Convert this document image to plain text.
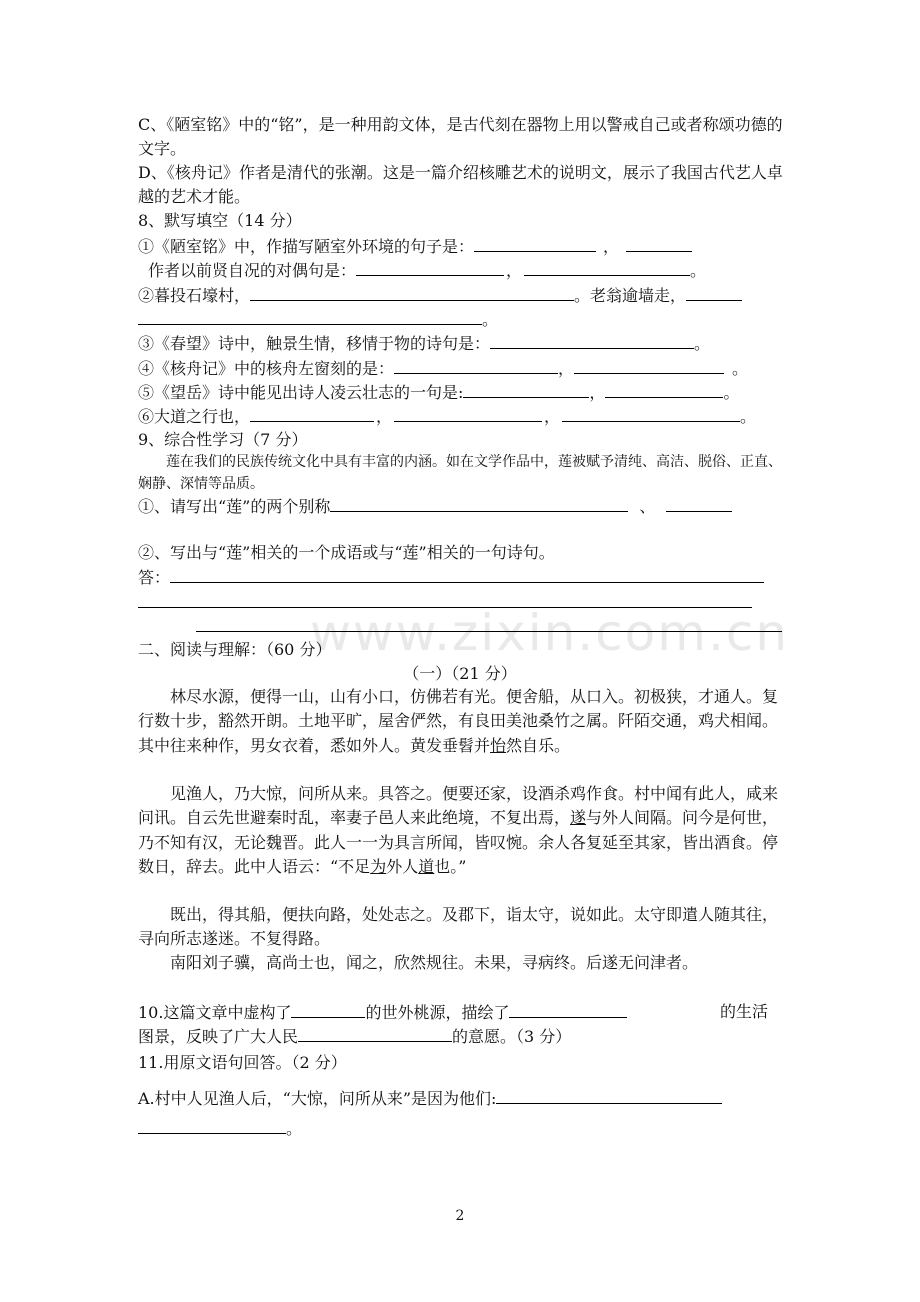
www.zixin.com.cn
C、《陋室铭》中的“铭”，是一种用韵文体，是古代刻在器物上用以警戒自己或者称颂功德的文字。
D、《核舟记》作者是清代的张潮。这是一篇介绍核雕艺术的说明文，展示了我国古代艺人卓越的艺术才能。
8、默写填空（14 分）
①《陋室铭》中，作描写陋室外环境的句子是：	，
作者以前贤自况的对偶句是：	，	。
②暮投石壕村，	。老翁逾墙走，
。
③《春望》诗中，触景生情，移情于物的诗句是：	。
④《核舟记》中的核舟左窗刻的是：	，	。
⑤《望岳》诗中能见出诗人凌云壮志的一句是:	，	。
⑥大道之行也，	，	，	。
9、综合性学习（7 分）
莲在我们的民族传统文化中具有丰富的内涵。如在文学作品中，莲被赋予清纯、高洁、脱俗、正直、娴静、深情等品质。
①、请写出“莲”的两个别称	、
②、写出与“莲”相关的一个成语或与“莲”相关的一句诗句。
答：
二、阅读与理解：（60 分）
（一）（21 分）
林尽水源，便得一山，山有小口，仿佛若有光。便舍船，从口入。初极狭，才通人。复行数十步，豁然开朗。土地平旷，屋舍俨然，有良田美池桑竹之属。阡陌交通，鸡犬相闻。其中往来种作，男女衣着，悉如外人。黄发垂髫并怡然自乐。
见渔人，乃大惊，问所从来。具答之。便要还家，设酒杀鸡作食。村中闻有此人，咸来问讯。自云先世避秦时乱，率妻子邑人来此绝境，不复出焉，遂与外人间隔。问今是何世，乃不知有汉，无论魏晋。此人一一为具言所闻，皆叹惋。余人各复延至其家，皆出酒食。停数日，辞去。此中人语云：“不足为外人道也。”
既出，得其船，便扶向路，处处志之。及郡下，诣太守，说如此。太守即遣人随其往，寻向所志遂迷。不复得路。
南阳刘子骥，高尚士也，闻之，欣然规往。未果，寻病终。后遂无问津者。
10.这篇文章中虚构了	的世外桃源，描绘了	的生活
图景，反映了广大人民	的意愿。（3 分）
11.用原文语句回答。（2 分）
A.村中人见渔人后，“大惊，问所从来”是因为他们:
。
2
